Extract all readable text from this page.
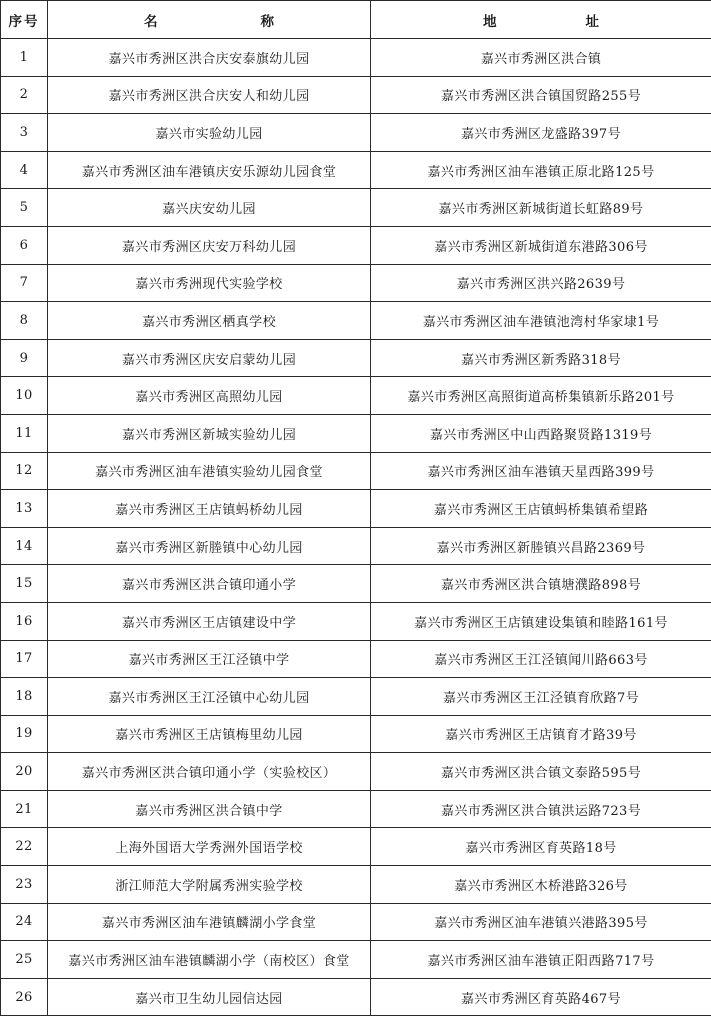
序号	名 称	地 址

1	嘉兴市秀洲区洪合庆安泰旗幼儿园	嘉兴市秀洲区洪合镇
2	嘉兴市秀洲区洪合庆安人和幼儿园	嘉兴市秀洲区洪合镇国贸路255号
3	嘉兴市实验幼儿园	嘉兴市秀洲区龙盛路397号
4	嘉兴市秀洲区油车港镇庆安乐源幼儿园食堂	嘉兴市秀洲区油车港镇正原北路125号
5	嘉兴庆安幼儿园	嘉兴市秀洲区新城街道长虹路89号
6	嘉兴市秀洲区庆安万科幼儿园	嘉兴市秀洲区新城街道东港路306号
7	嘉兴市秀洲现代实验学校	嘉兴市秀洲区洪兴路2639号
8	嘉兴市秀洲区栖真学校	嘉兴市秀洲区油车港镇池湾村华家埭1号
9	嘉兴市秀洲区庆安启蒙幼儿园	嘉兴市秀洲区新秀路318号
10	嘉兴市秀洲区高照幼儿园	嘉兴市秀洲区高照街道高桥集镇新乐路201号
11	嘉兴市秀洲区新城实验幼儿园	嘉兴市秀洲区中山西路聚贤路1319号
12	嘉兴市秀洲区油车港镇实验幼儿园食堂	嘉兴市秀洲区油车港镇天星西路399号
13	嘉兴市秀洲区王店镇蚂桥幼儿园	嘉兴市秀洲区王店镇蚂桥集镇希望路
14	嘉兴市秀洲区新塍镇中心幼儿园	嘉兴市秀洲区新塍镇兴昌路2369号
15	嘉兴市秀洲区洪合镇印通小学	嘉兴市秀洲区洪合镇塘濮路898号
16	嘉兴市秀洲区王店镇建设中学	嘉兴市秀洲区王店镇建设集镇和睦路161号
17	嘉兴市秀洲区王江泾镇中学	嘉兴市秀洲区王江泾镇闻川路663号
18	嘉兴市秀洲区王江泾镇中心幼儿园	嘉兴市秀洲区王江泾镇育欣路7号
19	嘉兴市秀洲区王店镇梅里幼儿园	嘉兴市秀洲区王店镇育才路39号
20	嘉兴市秀洲区洪合镇印通小学（实验校区）	嘉兴市秀洲区洪合镇文泰路595号
21	嘉兴市秀洲区洪合镇中学	嘉兴市秀洲区洪合镇洪运路723号
22	上海外国语大学秀洲外国语学校	嘉兴市秀洲区育英路18号
23	浙江师范大学附属秀洲实验学校	嘉兴市秀洲区木桥港路326号
24	嘉兴市秀洲区油车港镇麟湖小学食堂	嘉兴市秀洲区油车港镇兴港路395号
25	嘉兴市秀洲区油车港镇麟湖小学（南校区）食堂	嘉兴市秀洲区油车港镇正阳西路717号
26	嘉兴市卫生幼儿园信达园	嘉兴市秀洲区育英路467号
